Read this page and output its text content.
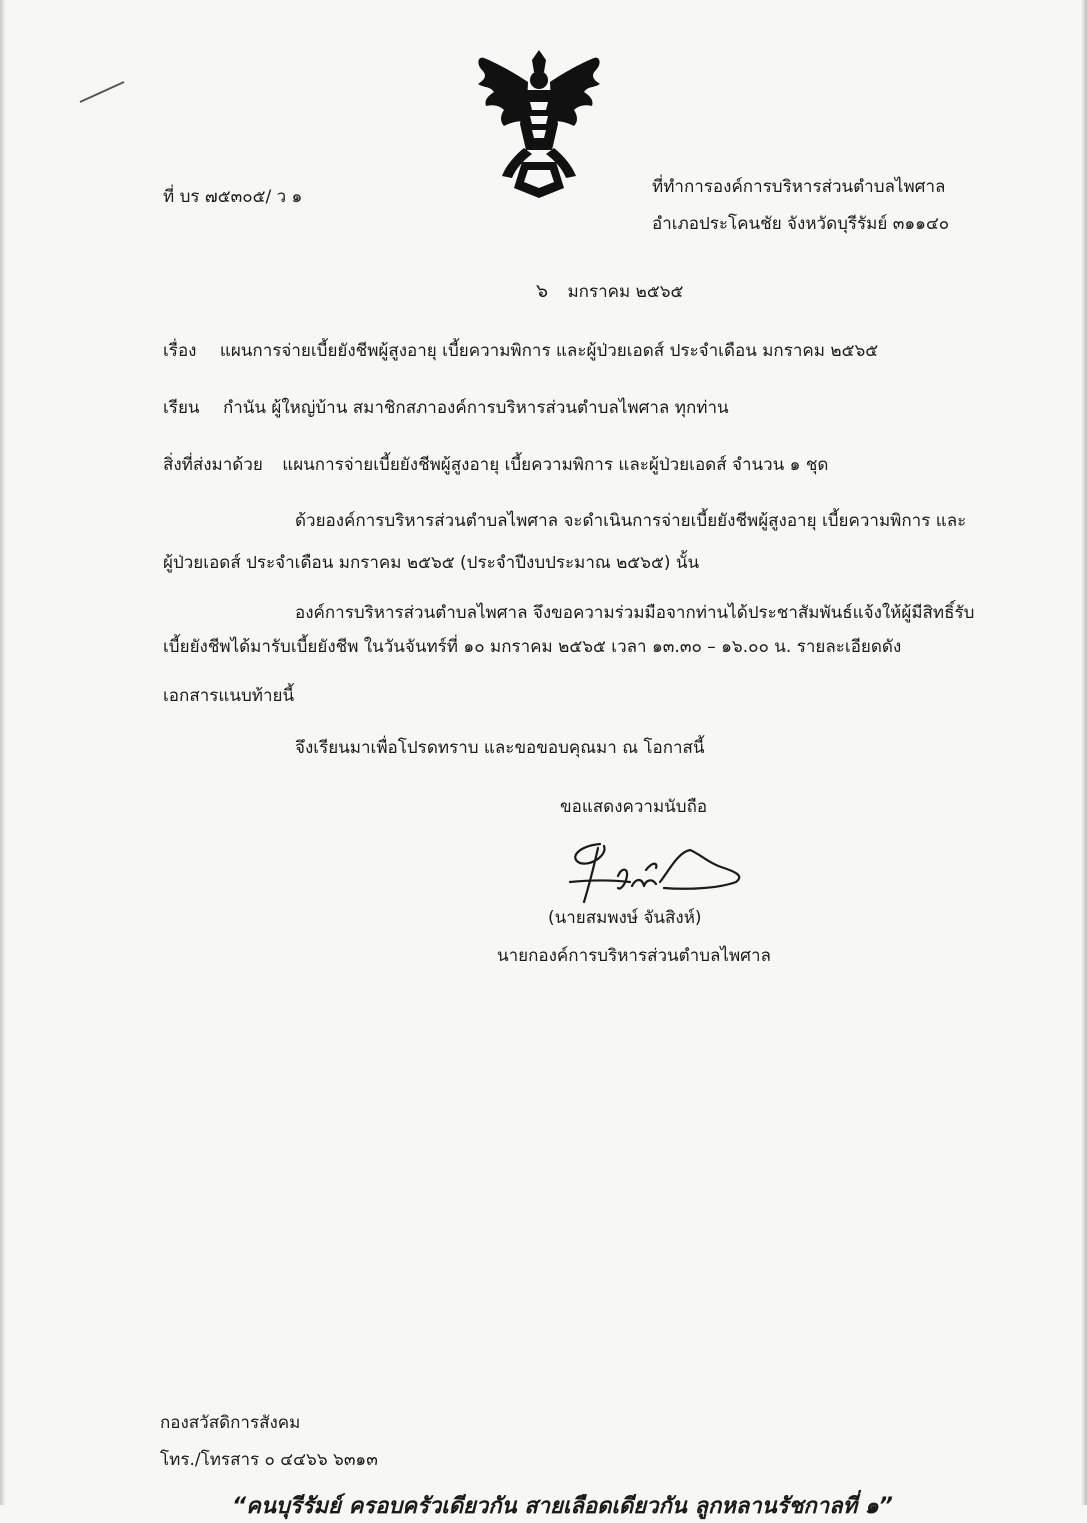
ที่ บร ๗๕๓๐๕/ ว ๑	ที่ทำการองค์การบริหารส่วนตำบลไพศาล
อำเภอประโคนชัย จังหวัดบุรีรัมย์ ๓๑๑๔๐
๖ มกราคม ๒๕๖๕
เรื่อง แผนการจ่ายเบี้ยยังชีพผู้สูงอายุ เบี้ยความพิการ และผู้ป่วยเอดส์ ประจำเดือน มกราคม ๒๕๖๕
เรียน กำนัน ผู้ใหญ่บ้าน สมาชิกสภาองค์การบริหารส่วนตำบลไพศาล ทุกท่าน
สิ่งที่ส่งมาด้วย แผนการจ่ายเบี้ยยังชีพผู้สูงอายุ เบี้ยความพิการ และผู้ป่วยเอดส์ จำนวน ๑ ชุด
ด้วยองค์การบริหารส่วนตำบลไพศาล จะดำเนินการจ่ายเบี้ยยังชีพผู้สูงอายุ เบี้ยความพิการ และ
ผู้ป่วยเอดส์ ประจำเดือน มกราคม ๒๕๖๕ (ประจำปีงบประมาณ ๒๕๖๕) นั้น
องค์การบริหารส่วนตำบลไพศาล จึงขอความร่วมมือจากท่านได้ประชาสัมพันธ์แจ้งให้ผู้มีสิทธิ์รับ
เบี้ยยังชีพได้มารับเบี้ยยังชีพ ในวันจันทร์ที่ ๑๐ มกราคม ๒๕๖๕ เวลา ๑๓.๓๐ – ๑๖.๐๐ น. รายละเอียดดัง
เอกสารแนบท้ายนี้
จึงเรียนมาเพื่อโปรดทราบ และขอขอบคุณมา ณ โอกาสนี้
ขอแสดงความนับถือ
(นายสมพงษ์ จันสิงห์)
นายกองค์การบริหารส่วนตำบลไพศาล
กองสวัสดิการสังคม
โทร./โทรสาร ๐ ๔๔๖๖ ๖๓๑๓
“คนบุรีรัมย์ ครอบครัวเดียวกัน สายเลือดเดียวกัน ลูกหลานรัชกาลที่ ๑”
